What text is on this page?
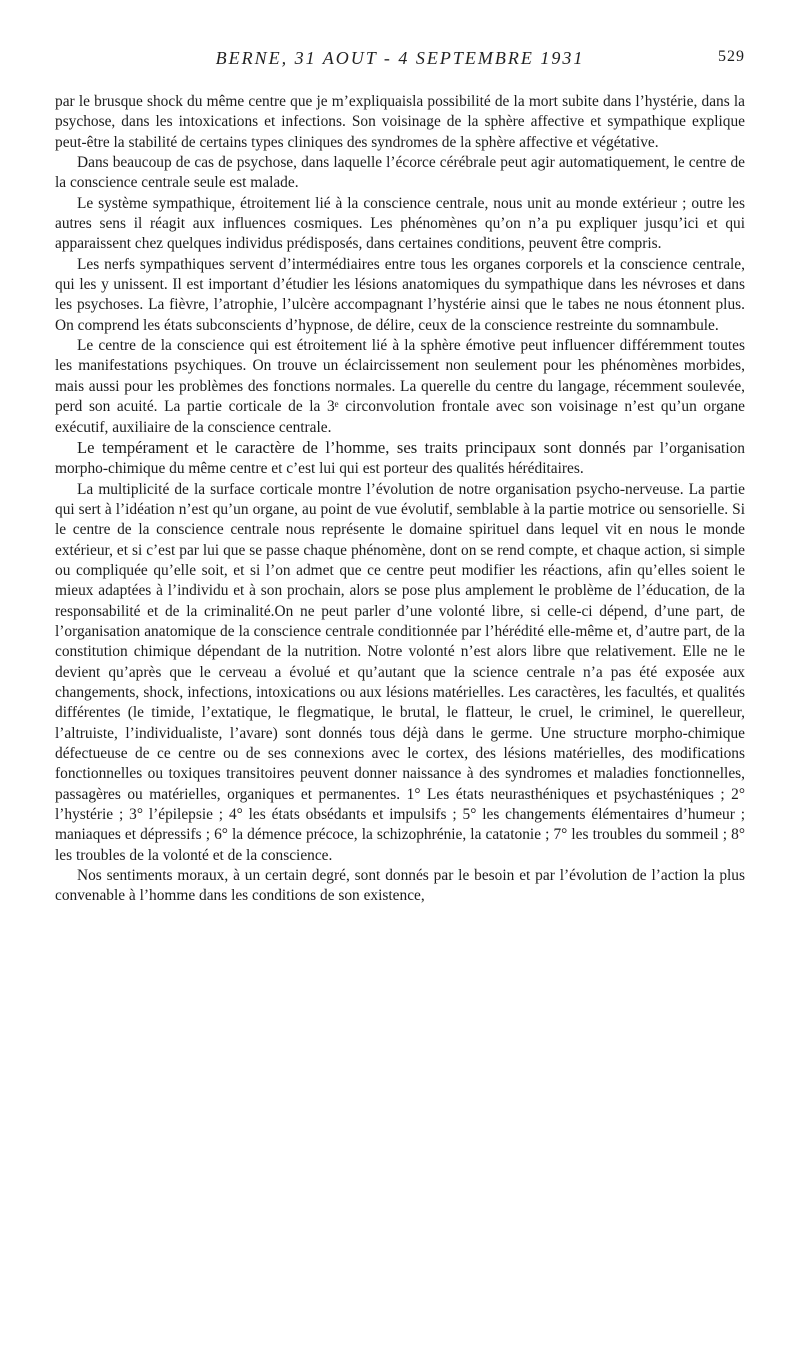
BERNE, 31 AOUT - 4 SEPTEMBRE 1931	529

par le brusque shock du même centre que je m’expliquaisla possibilité de la mort subite dans l’hystérie, dans la psychose, dans les intoxications et infections. Son voisinage de la sphère affective et sympathique explique peut-être la stabilité de certains types cliniques des syndromes de la sphère affective et végétative.

Dans beaucoup de cas de psychose, dans laquelle l’écorce cérébrale peut agir automatiquement, le centre de la conscience centrale seule est malade.

Le système sympathique, étroitement lié à la conscience centrale, nous unit au monde extérieur ; outre les autres sens il réagit aux influences cosmiques. Les phénomènes qu’on n’a pu expliquer jusqu’ici et qui apparaissent chez quelques individus prédisposés, dans certaines conditions, peuvent être compris.

Les nerfs sympathiques servent d’intermédiaires entre tous les organes corporels et la conscience centrale, qui les y unissent. Il est important d’étudier les lésions anatomiques du sympathique dans les névroses et dans les psychoses. La fièvre, l’atrophie, l’ulcère accompagnant l’hystérie ainsi que le tabes ne nous étonnent plus. On comprend les états subconscients d’hypnose, de délire, ceux de la conscience restreinte du somnambule.

Le centre de la conscience qui est étroitement lié à la sphère émotive peut influencer différemment toutes les manifestations psychiques. On trouve un éclaircissement non seulement pour les phénomènes morbides, mais aussi pour les problèmes des fonctions normales. La querelle du centre du langage, récemment soulevée, perd son acuité. La partie corticale de la 3ᵉ circonvolution frontale avec son voisinage n’est qu’un organe exécutif, auxiliaire de la conscience centrale.

Le tempérament et le caractère de l’homme, ses traits principaux sont donnés par l’organisation morpho-chimique du même centre et c’est lui qui est porteur des qualités héréditaires.

La multiplicité de la surface corticale montre l’évolution de notre organisation psycho-nerveuse. La partie qui sert à l’idéation n’est qu’un organe, au point de vue évolutif, semblable à la partie motrice ou sensorielle. Si le centre de la conscience centrale nous représente le domaine spirituel dans lequel vit en nous le monde extérieur, et si c’est par lui que se passe chaque phénomène, dont on se rend compte, et chaque action, si simple ou compliquée qu’elle soit, et si l’on admet que ce centre peut modifier les réactions, afin qu’elles soient le mieux adaptées à l’individu et à son prochain, alors se pose plus amplement le problème de l’éducation, de la responsabilité et de la criminalité.On ne peut parler d’une volonté libre, si celle-ci dépend, d’une part, de l’organisation anatomique de la conscience centrale conditionnée par l’hérédité elle-même et, d’autre part, de la constitution chimique dépendant de la nutrition. Notre volonté n’est alors libre que relativement. Elle ne le devient qu’après que le cerveau a évolué et qu’autant que la science centrale n’a pas été exposée aux changements, shock, infections, intoxications ou aux lésions matérielles. Les caractères, les facultés, et qualités différentes (le timide, l’extatique, le flegmatique, le brutal, le flatteur, le cruel, le criminel, le querelleur, l’altruiste, l’individualiste, l’avare) sont donnés tous déjà dans le germe. Une structure morpho-chimique défectueuse de ce centre ou de ses connexions avec le cortex, des lésions matérielles, des modifications fonctionnelles ou toxiques transitoires peuvent donner naissance à des syndromes et maladies fonctionnelles, passagères ou matérielles, organiques et permanentes. 1° Les états neurasthéniques et psychasténiques ; 2° l’hystérie ; 3° l’épilepsie ; 4° les états obsédants et impulsifs ; 5° les changements élémentaires d’humeur ; maniaques et dépressifs ; 6° la démence précoce, la schizophrénie, la catatonie ; 7° les troubles du sommeil ; 8° les troubles de la volonté et de la conscience.

Nos sentiments moraux, à un certain degré, sont donnés par le besoin et par l’évolution de l’action la plus convenable à l’homme dans les conditions de son existence,
